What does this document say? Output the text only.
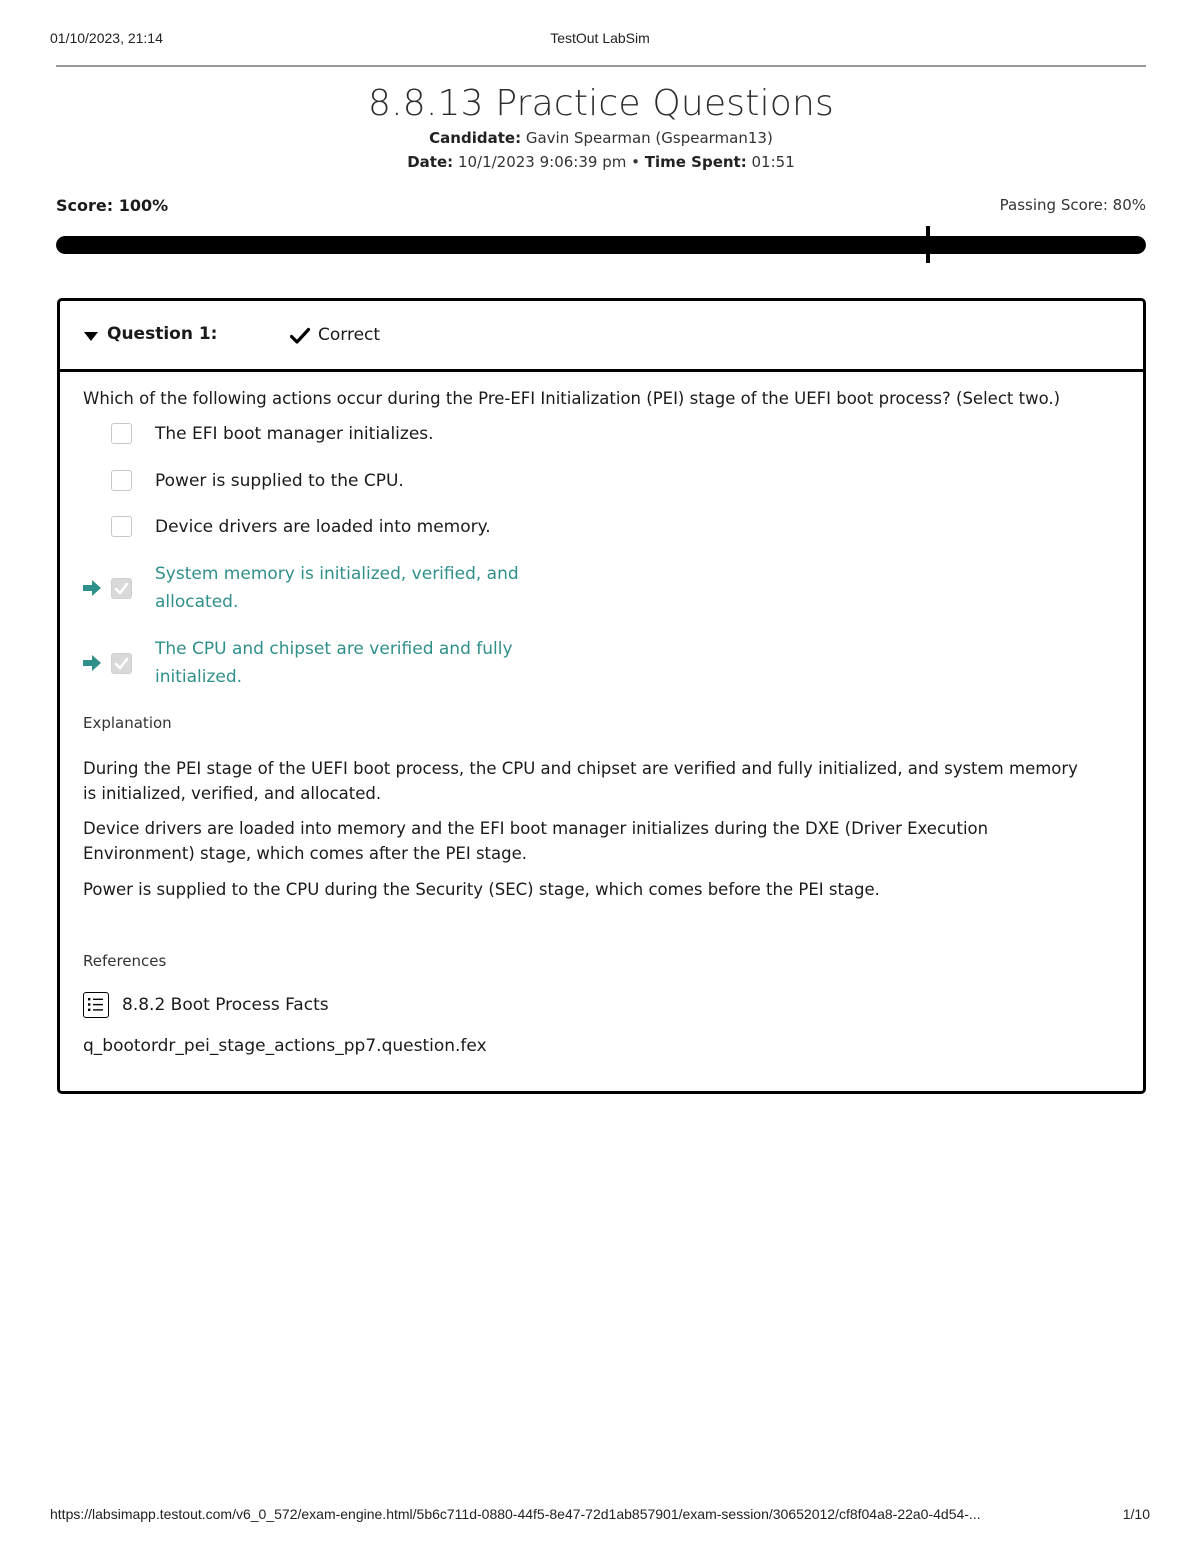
01/10/2023, 21:14	TestOut LabSim
8.8.13 Practice Questions
Candidate: Gavin Spearman (Gspearman13)
Date: 10/1/2023 9:06:39 pm • Time Spent: 01:51
Score: 100%	Passing Score: 80%
Question 1:	Correct
Which of the following actions occur during the Pre-EFI Initialization (PEI) stage of the UEFI boot process? (Select two.)
The EFI boot manager initializes.
Power is supplied to the CPU.
Device drivers are loaded into memory.
System memory is initialized, verified, and allocated.
The CPU and chipset are verified and fully initialized.
Explanation
During the PEI stage of the UEFI boot process, the CPU and chipset are verified and fully initialized, and system memory is initialized, verified, and allocated.
Device drivers are loaded into memory and the EFI boot manager initializes during the DXE (Driver Execution Environment) stage, which comes after the PEI stage.
Power is supplied to the CPU during the Security (SEC) stage, which comes before the PEI stage.
References
8.8.2 Boot Process Facts
q_bootordr_pei_stage_actions_pp7.question.fex
https://labsimapp.testout.com/v6_0_572/exam-engine.html/5b6c711d-0880-44f5-8e47-72d1ab857901/exam-session/30652012/cf8f04a8-22a0-4d54-...	1/10
